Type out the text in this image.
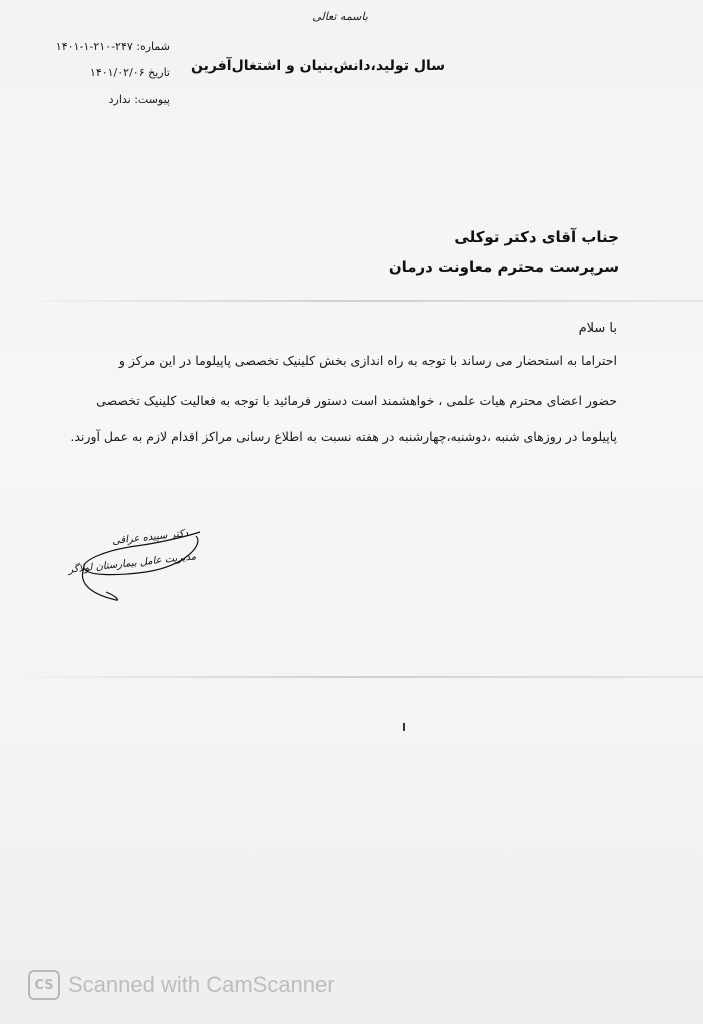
باسمه تعالی
شماره: ۲۴۷-۲۱۰-۱-۱۴۰۱
تاریخ ۱۴۰۱/۰۲/۰۶
پیوست: ندارد
سال تولید،دانش‌بنیان و اشتغال‌آفرین
جناب آقای دکتر توکلی
سرپرست محترم معاونت درمان
با سلام
احتراما به استحضار می رساند با توجه به راه اندازی بخش کلینیک تخصصی پاپیلوما در این مرکز و
حضور اعضای محترم هیات علمی ، خواهشمند است دستور فرمائید با توجه به فعالیت کلینیک تخصصی
پاپیلوما در روزهای شنبه ،دوشنبه،چهارشنبه در هفته نسبت به اطلاع رسانی مراکز اقدام لازم به عمل آورند.
دکتر سپیده عراقی
مدیریت عامل بیمارستان لولاگر
CS Scanned with CamScanner
